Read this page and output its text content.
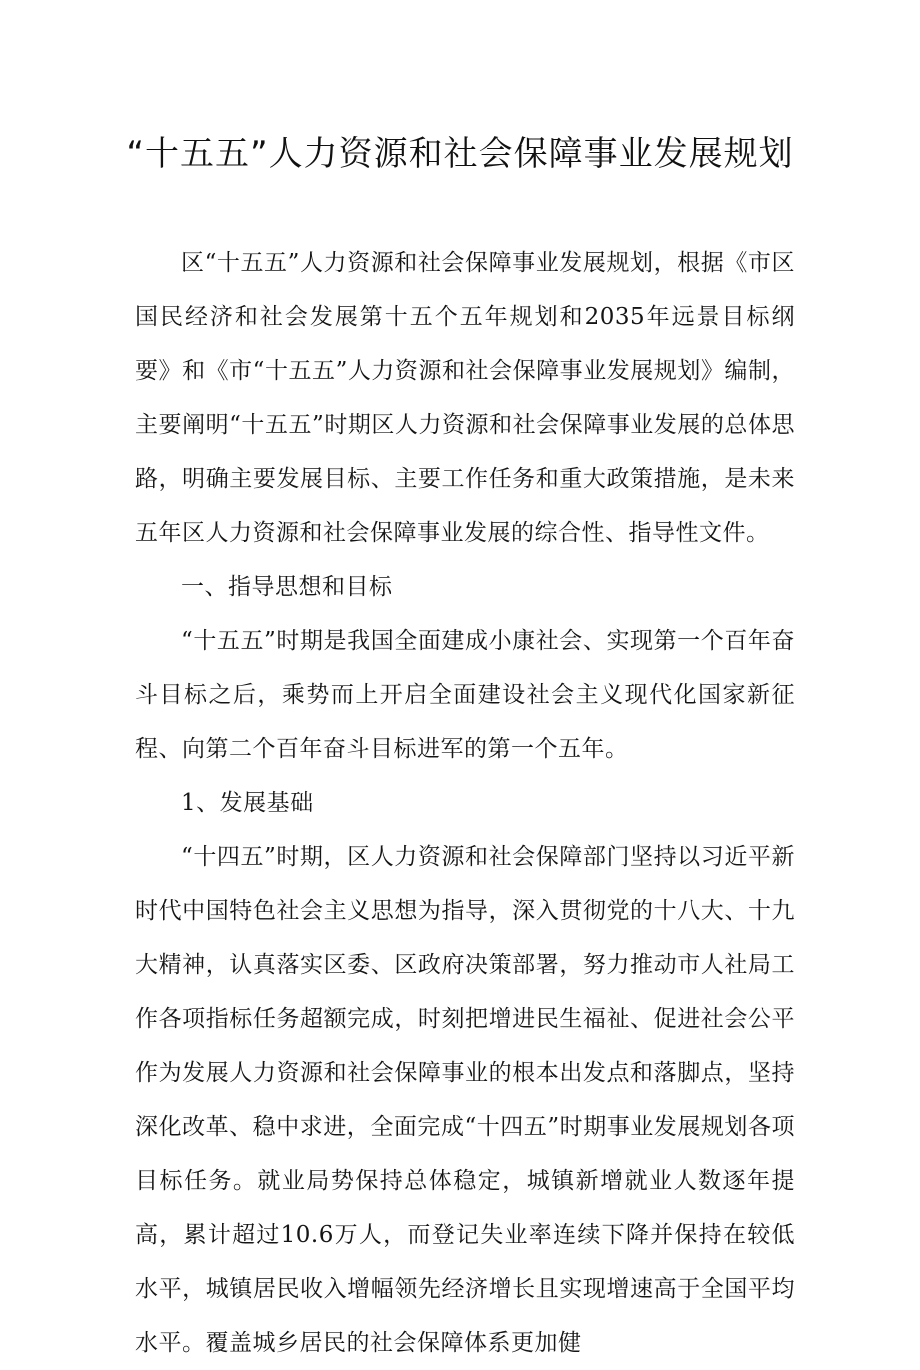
“十五五”人力资源和社会保障事业发展规划

区“十五五”人力资源和社会保障事业发展规划，根据《市区国民经济和社会发展第十五个五年规划和2035年远景目标纲要》和《市“十五五”人力资源和社会保障事业发展规划》编制，主要阐明“十五五”时期区人力资源和社会保障事业发展的总体思路，明确主要发展目标、主要工作任务和重大政策措施，是未来五年区人力资源和社会保障事业发展的综合性、指导性文件。

一、指导思想和目标

“十五五”时期是我国全面建成小康社会、实现第一个百年奋斗目标之后，乘势而上开启全面建设社会主义现代化国家新征程、向第二个百年奋斗目标进军的第一个五年。

1、发展基础

“十四五”时期，区人力资源和社会保障部门坚持以习近平新时代中国特色社会主义思想为指导，深入贯彻党的十八大、十九大精神，认真落实区委、区政府决策部署，努力推动市人社局工作各项指标任务超额完成，时刻把增进民生福祉、促进社会公平作为发展人力资源和社会保障事业的根本出发点和落脚点，坚持深化改革、稳中求进，全面完成“十四五”时期事业发展规划各项目标任务。就业局势保持总体稳定，城镇新增就业人数逐年提高，累计超过10.6万人，而登记失业率连续下降并保持在较低水平，城镇居民收入增幅领先经济增长且实现增速高于全国平均水平。覆盖城乡居民的社会保障体系更加健
